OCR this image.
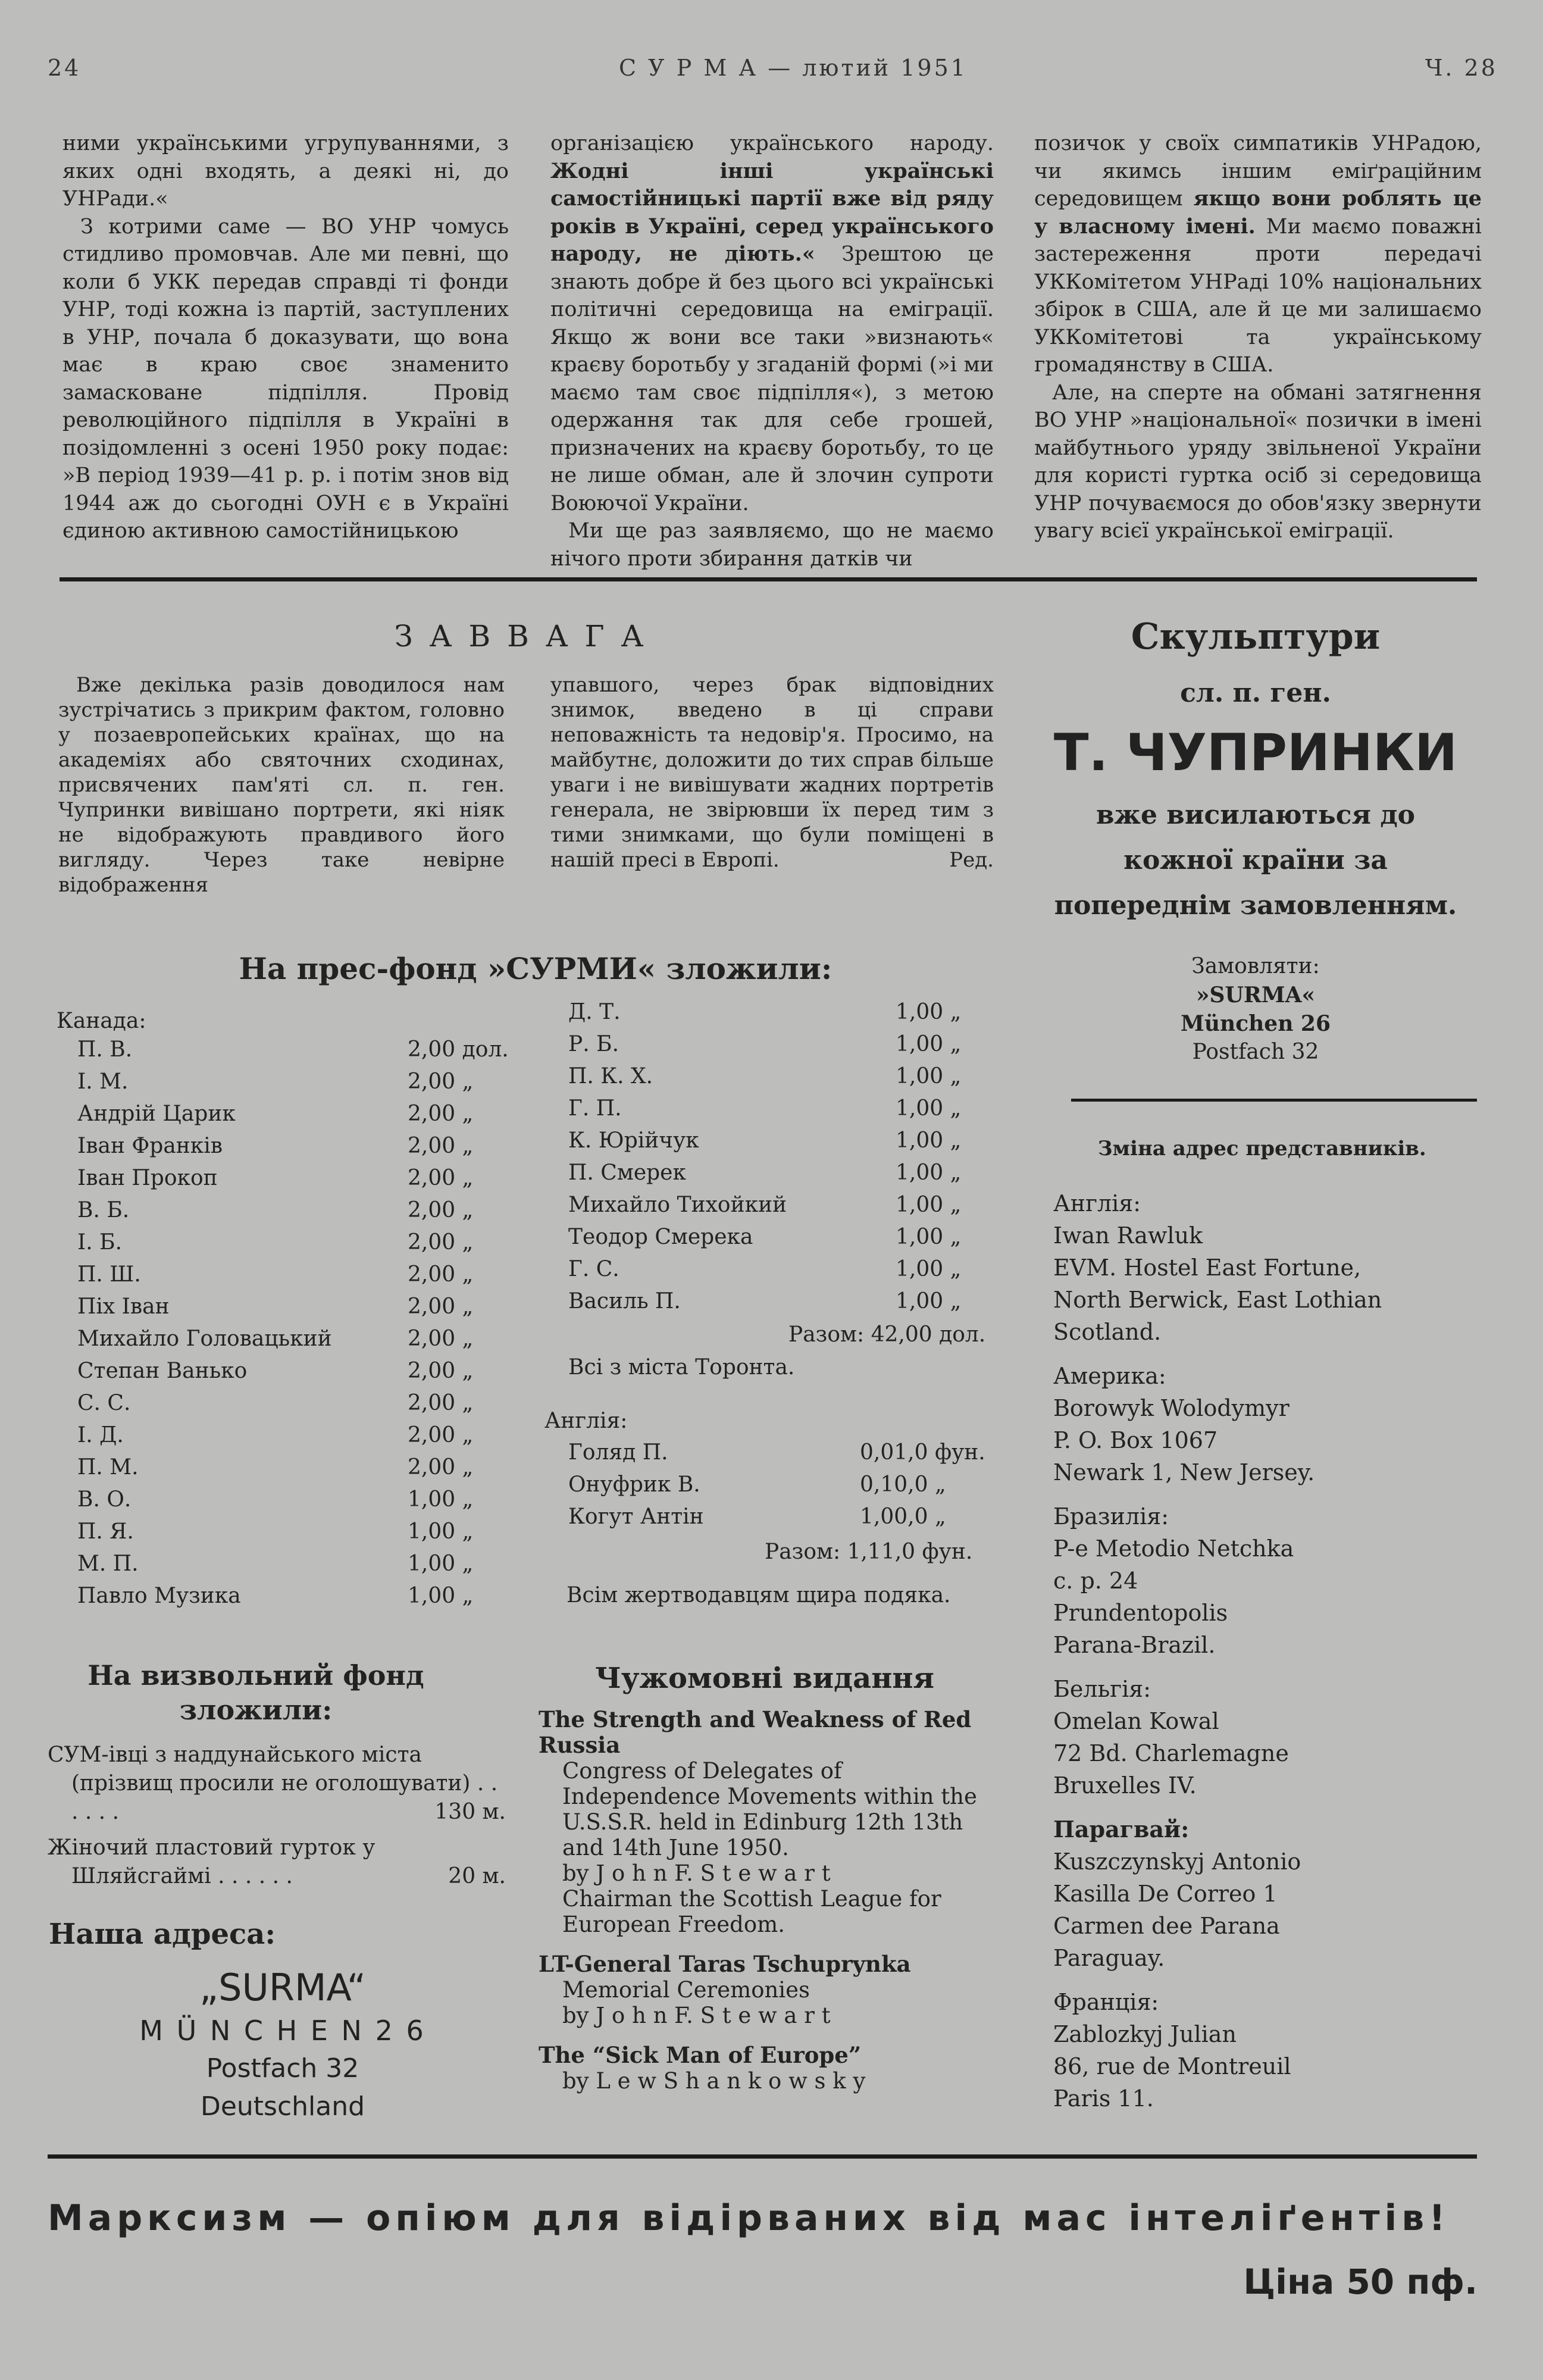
24	С У Р М А — лютий 1951	Ч. 28

ними українськими угрупуваннями, з яких одні входять, а деякі ні, до УНРади.«

З котрими саме — ВО УНР чомусь стидливо промовчав. Але ми певні, що коли б УКК передав справді ті фонди УНР, тоді кожна із партій, заступлених в УНР, почала б доказувати, що вона має в краю своє знаменито замасковане підпілля. Провід революційного підпілля в Україні в позідомленні з осені 1950 року подає: »В період 1939—41 р. р. і потім знов від 1944 аж до сьогодні ОУН є в Україні єдиною активною самостійницькою

організацією українського народу. Жодні інші українські самостійницькі партії вже від ряду років в Україні, серед українського народу, не діють.« Зрештою це знають добре й без цього всі українські політичні середовища на еміграції. Якщо ж вони все таки »визнають« краєву боротьбу у згаданій формі (»і ми маємо там своє підпілля«), з метою одержання так для себе грошей, призначених на краєву боротьбу, то це не лише обман, але й злочин супроти Воюючої України.

Ми ще раз заявляємо, що не маємо нічого проти збирання датків чи

позичок у своїх симпатиків УНРадою, чи якимсь іншим еміґраційним середовищем якщо вони роблять це у власному імені. Ми маємо поважні застереження проти передачі УККомітетом УНРаді 10% національних збірок в США, але й це ми залишаємо УККомітетові та українському громадянству в США.

Але, на сперте на обмані затягнення ВО УНР »національної« позички в імені майбутнього уряду звільненої України для користі гуртка осіб зі середовища УНР почуваємося до обов'язку звернути увагу всієї української еміграції.

З А В В А Г А

Вже декілька разів доводилося нам зустрічатись з прикрим фактом, головно у позаевропейських країнах, що на академіях або святочних сходинах, присвячених пам'яті сл. п. ген. Чупринки вивішано портрети, які ніяк не відображують правдивого його вигляду. Через таке невірне відображення

упавшого, через брак відповідних знимок, введено в ці справи неповажність та недовір'я. Просимо, на майбутнє, доложити до тих справ більше уваги і не вивішувати жадних портретів генерала, не звірювши їх перед тим з тими знимками, що були поміщені в нашій пресі в Европі.	Ред.
Скульптури
сл. п. ген.
Т. ЧУПРИНКИ
вже висилаються до кожної країни за попереднім замовленням.
Замовляти:
»SURMA«
München 26
Postfach 32
На прес-фонд »СУРМИ« зложили:
Канада:
П. В.	2,00 дол.
І. М.	2,00 „
Андрій Царик	2,00 „
Іван Франків	2,00 „
Іван Прокоп	2,00 „
В. Б.	2,00 „
І. Б.	2,00 „
П. Ш.	2,00 „
Піх Іван	2,00 „
Михайло Головацький	2,00 „
Степан Ванько	2,00 „
С. С.	2,00 „
І. Д.	2,00 „
П. М.	2,00 „
В. О.	1,00 „
П. Я.	1,00 „
М. П.	1,00 „
Павло Музика	1,00 „
Д. Т.	1,00 „
Р. Б.	1,00 „
П. К. Х.	1,00 „
Г. П.	1,00 „
К. Юрійчук	1,00 „
П. Смерек	1,00 „
Михайло Тихойкий	1,00 „
Теодор Смерека	1,00 „
Г. С.	1,00 „
Василь П.	1,00 „
Разом: 42,00 дол.
Всі з міста Торонта.
Англія:
Голяд П.	0,01,0 фун.
Онуфрик В.	0,10,0 „
Когут Антін	1,00,0 „
Разом: 1,11,0 фун.
Всім жертводавцям щира подяка.
На визвольний фонд зложили:
СУМ-івці з наддунайського міста (прізвищ просили не оголошувати) . . . . . .	130 м.
Жіночий пластовий гурток у Шляйсгаймі . . . . . .	20 м.
Наша адреса:
„SURMA“
M Ü N C H E N 2 6
Postfach 32
Deutschland
Чужомовні видання
The Strength and Weakness of Red Russia
Congress of Delegates of Independence Movements within the U.S.S.R. held in Edinburg 12th 13th and 14th June 1950.
by J o h n F. S t e w a r t
Chairman the Scottish League for European Freedom.
LT-General Taras Tschuprynka
Memorial Ceremonies
by J o h n F. S t e w a r t
The “Sick Man of Europe”
by L e w S h a n k o w s k y
Зміна адрес представників.
Англія:
Iwan Rawluk
EVM. Hostel East Fortune,
North Berwick, East Lothian
Scotland.
Америка:
Borowyk Wolodymyr
P. O. Box 1067
Newark 1, New Jersey.
Бразилія:
P-e Metodio Netchka
c. p. 24
Prundentopolis
Parana-Brazil.
Бельгія:
Omelan Kowal
72 Bd. Charlemagne
Bruxelles IV.
Парагвай:
Kuszczynskyj Antonio
Kasilla De Correo 1
Carmen dee Parana
Paraguay.
Франція:
Zablozkyj Julian
86, rue de Montreuil
Paris 11.
Марксизм — опіюм для відірваних від мас інтеліґентів!
Ціна 50 пф.
